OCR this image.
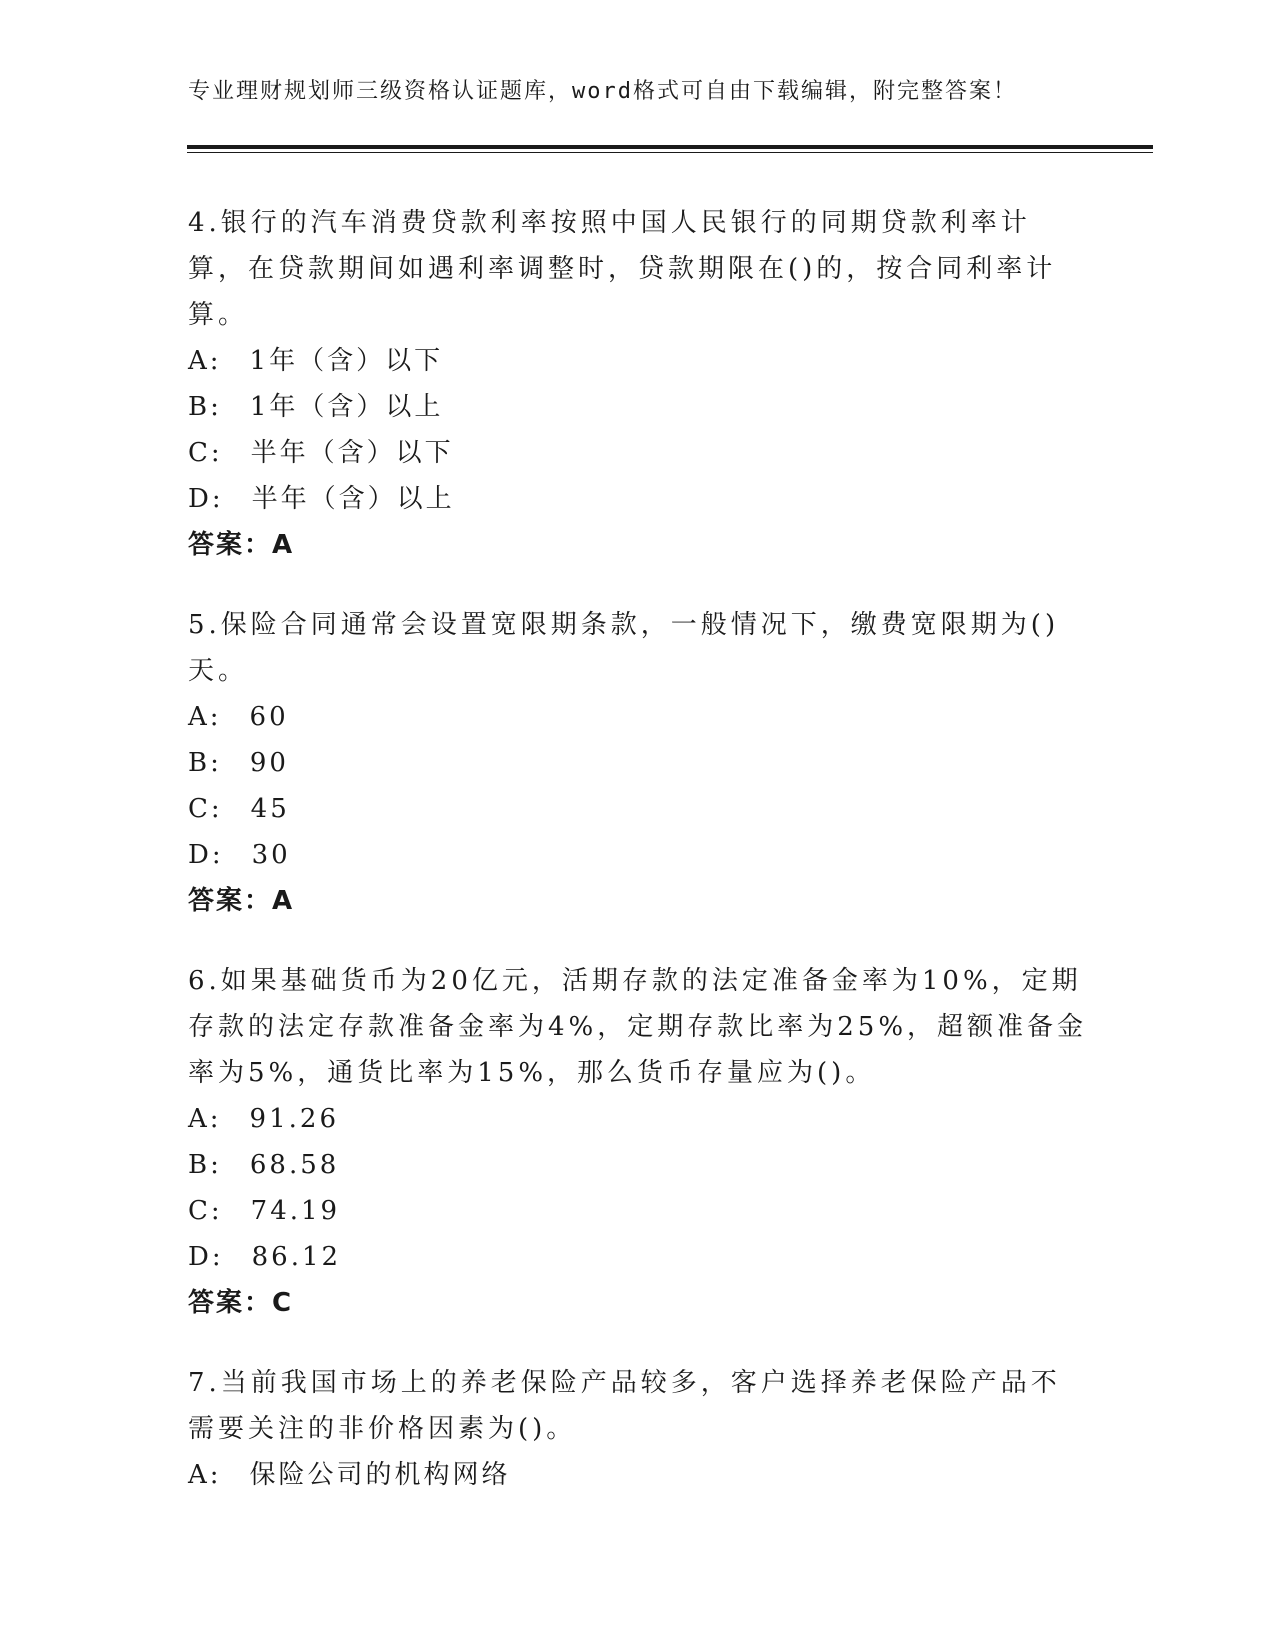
专业理财规划师三级资格认证题库，word格式可自由下载编辑，附完整答案！

4.银行的汽车消费贷款利率按照中国人民银行的同期贷款利率计算，在贷款期间如遇利率调整时，贷款期限在()的，按合同利率计算。

A: 1年（含）以下

B: 1年（含）以上

C: 半年（含）以下

D: 半年（含）以上

答案：A

5.保险合同通常会设置宽限期条款，一般情况下，缴费宽限期为()天。

A: 60

B: 90

C: 45

D: 30

答案：A

6.如果基础货币为20亿元，活期存款的法定准备金率为10%，定期存款的法定存款准备金率为4%，定期存款比率为25%，超额准备金率为5%，通货比率为15%，那么货币存量应为()。

A: 91.26

B: 68.58

C: 74.19

D: 86.12

答案：C

7.当前我国市场上的养老保险产品较多，客户选择养老保险产品不需要关注的非价格因素为()。

A: 保险公司的机构网络
